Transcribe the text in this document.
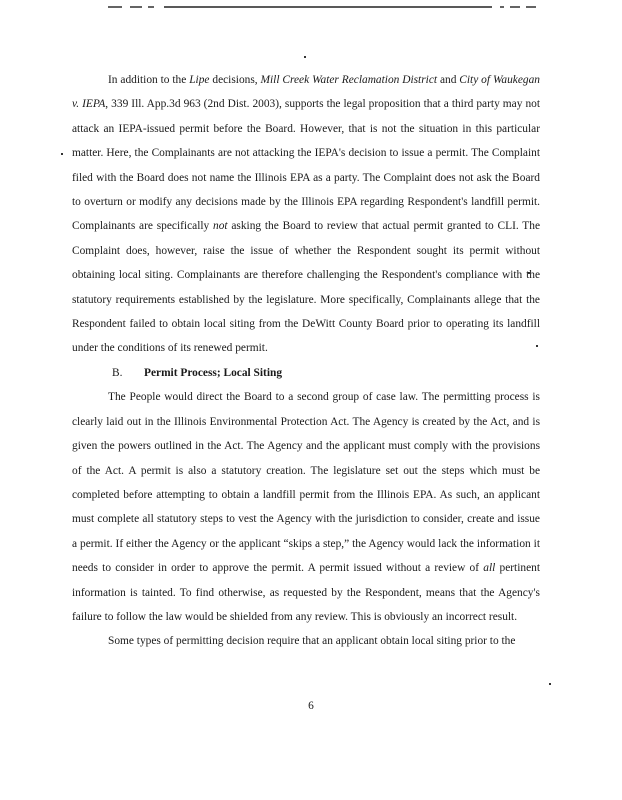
In addition to the Lipe decisions, Mill Creek Water Reclamation District and City of Waukegan v. IEPA, 339 Ill. App.3d 963 (2nd Dist. 2003), supports the legal proposition that a third party may not attack an IEPA-issued permit before the Board. However, that is not the situation in this particular matter. Here, the Complainants are not attacking the IEPA's decision to issue a permit. The Complaint filed with the Board does not name the Illinois EPA as a party. The Complaint does not ask the Board to overturn or modify any decisions made by the Illinois EPA regarding Respondent's landfill permit. Complainants are specifically not asking the Board to review that actual permit granted to CLI. The Complaint does, however, raise the issue of whether the Respondent sought its permit without obtaining local siting. Complainants are therefore challenging the Respondent's compliance with the statutory requirements established by the legislature. More specifically, Complainants allege that the Respondent failed to obtain local siting from the DeWitt County Board prior to operating its landfill under the conditions of its renewed permit.

B. Permit Process; Local Siting

The People would direct the Board to a second group of case law. The permitting process is clearly laid out in the Illinois Environmental Protection Act. The Agency is created by the Act, and is given the powers outlined in the Act. The Agency and the applicant must comply with the provisions of the Act. A permit is also a statutory creation. The legislature set out the steps which must be completed before attempting to obtain a landfill permit from the Illinois EPA. As such, an applicant must complete all statutory steps to vest the Agency with the jurisdiction to consider, create and issue a permit. If either the Agency or the applicant “skips a step,” the Agency would lack the information it needs to consider in order to approve the permit. A permit issued without a review of all pertinent information is tainted. To find otherwise, as requested by the Respondent, means that the Agency's failure to follow the law would be shielded from any review. This is obviously an incorrect result.

Some types of permitting decision require that an applicant obtain local siting prior to the

6
